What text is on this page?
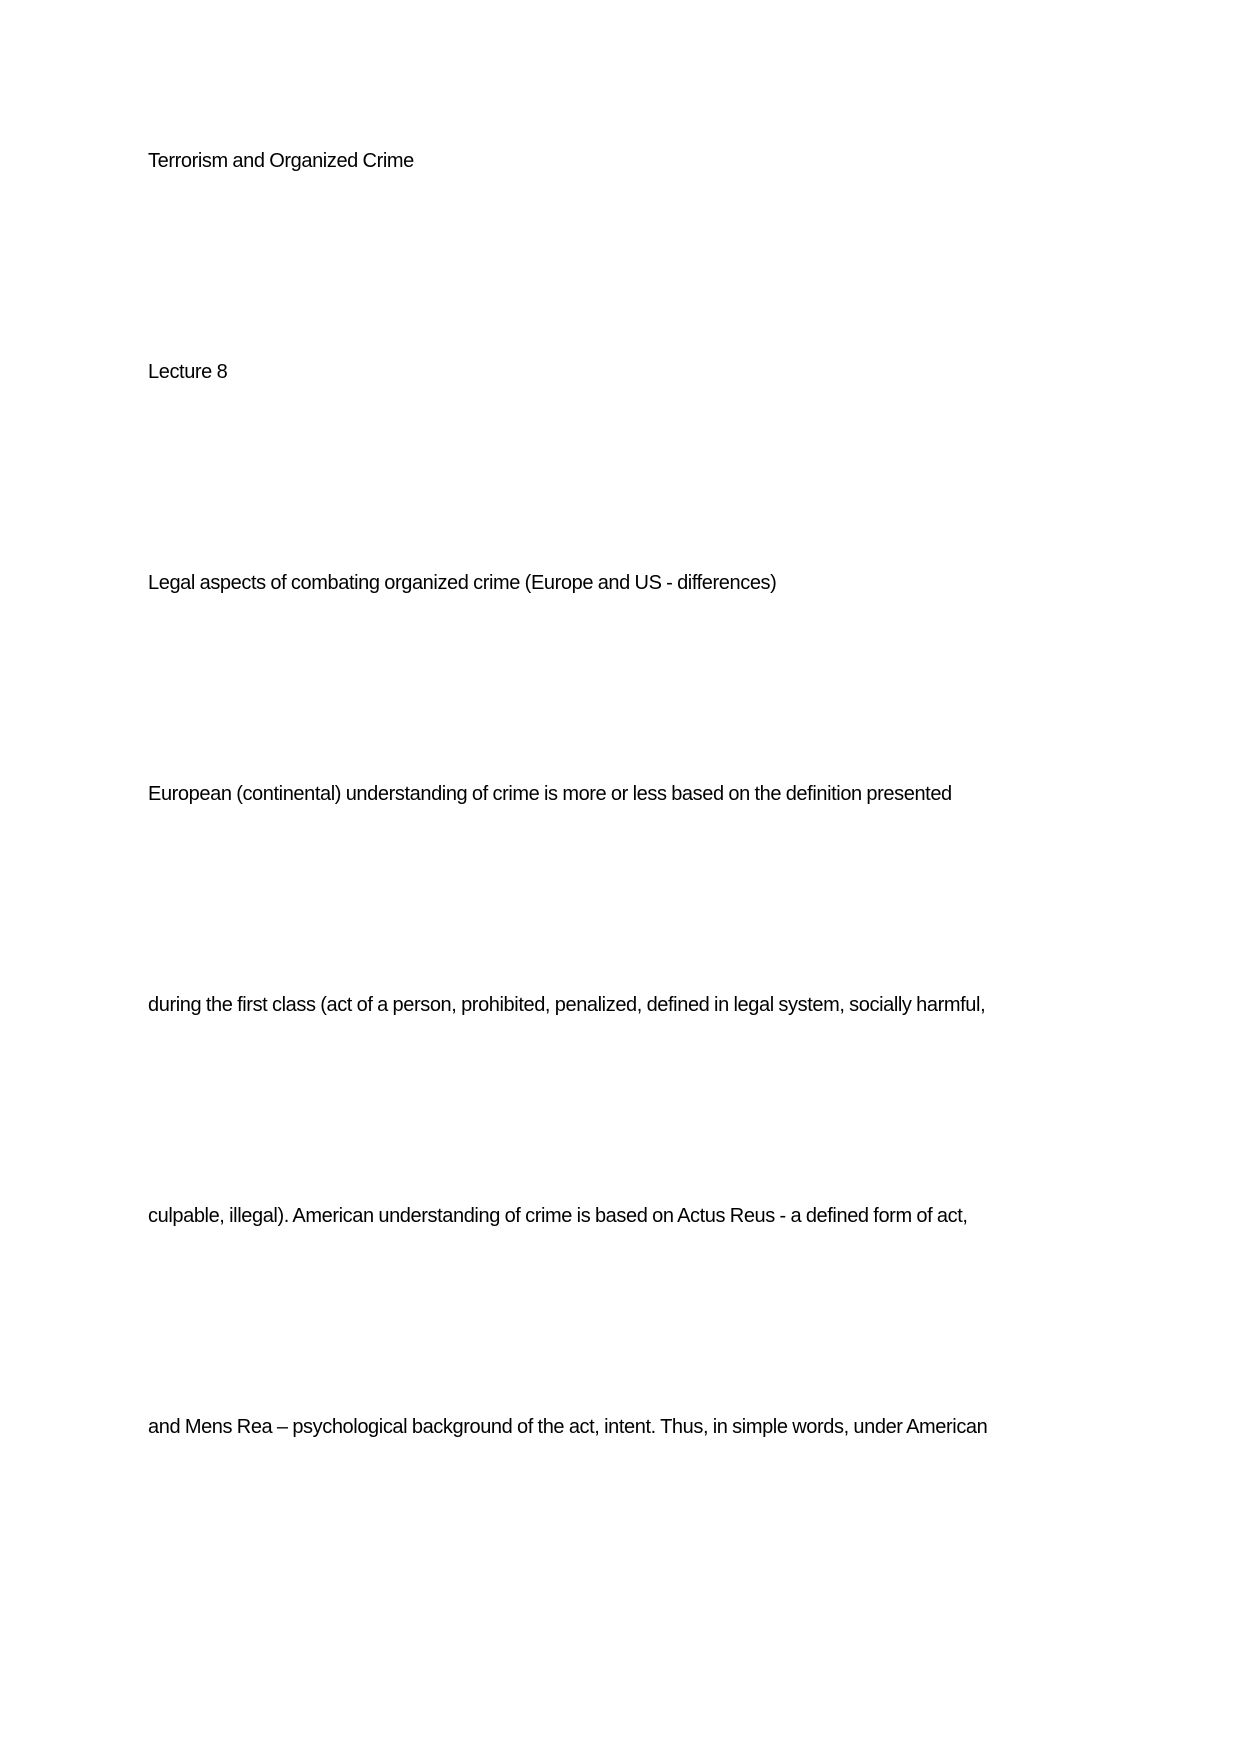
Terrorism and Organized Crime
Lecture 8
Legal aspects of combating organized crime (Europe and US - differences)
European (continental) understanding of crime is more or less based on the definition presented
during the first class (act of a person, prohibited, penalized, defined in legal system, socially harmful,
culpable, illegal). American understanding of crime is based on Actus Reus - a defined form of act,
and Mens Rea – psychological background of the act, intent. Thus, in simple words, under American
